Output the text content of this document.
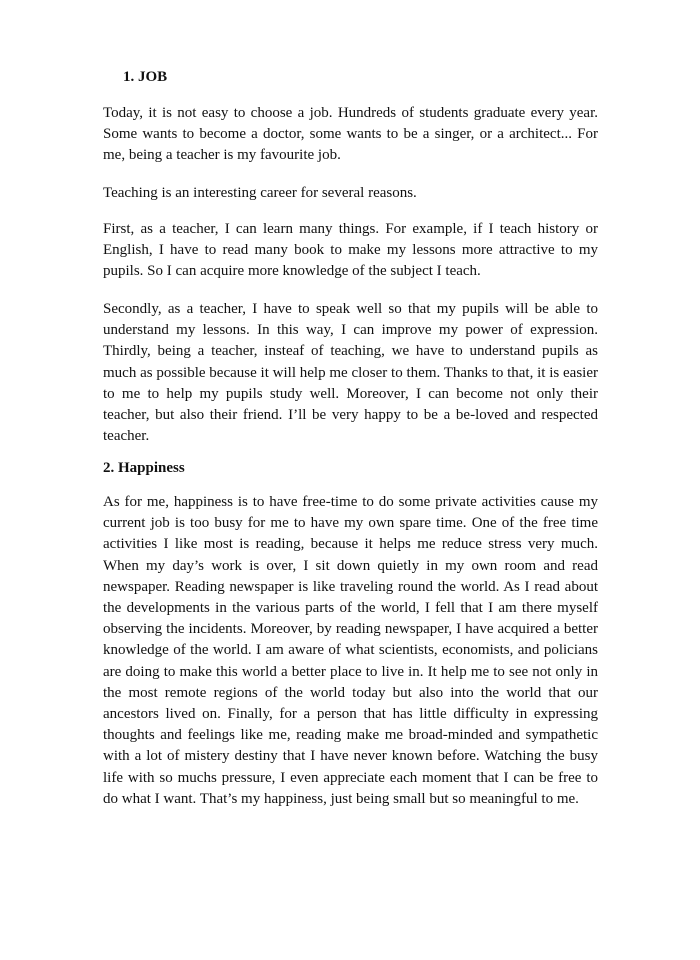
1. JOB

Today, it is not easy to choose a job. Hundreds of students graduate every year. Some wants to become a doctor, some wants to be a singer, or a architect... For me, being a teacher is my favourite job.

Teaching is an interesting career for several reasons.

First, as a teacher, I can learn many things. For example, if I teach history or English, I have to read many book to make my lessons more attractive to my pupils. So I can acquire more knowledge of the subject I teach.

Secondly, as a teacher, I have to speak well so that my pupils will be able to understand my lessons. In this way, I can improve my power of expression. Thirdly, being a teacher, insteaf of teaching, we have to understand pupils as much as possible because it will help me closer to them. Thanks to that, it is easier to me to help my pupils study well. Moreover, I can become not only their teacher, but also their friend. I’ll be very happy to be a be-loved and respected teacher.

2. Happiness

As for me, happiness is to have free-time to do some private activities cause my current job is too busy for me to have my own spare time. One of the free time activities I like most is reading, because it helps me reduce stress very much. When my day’s work is over, I sit down quietly in my own room and read newspaper. Reading newspaper is like traveling round the world. As I read about the developments in the various parts of the world, I fell that I am there myself observing the incidents. Moreover, by reading newspaper, I have acquired a better knowledge of the world. I am aware of what scientists, economists, and policians are doing to make this world a better place to live in. It help me to see not only in the most remote regions of the world today but also into the world that our ancestors lived on. Finally, for a person that has little difficulty in expressing thoughts and feelings like me, reading make me broad-minded and sympathetic with a lot of mistery destiny that I have never known before. Watching the busy life with so muchs pressure, I even appreciate each moment that I can be free to do what I want. That’s my happiness, just being small but so meaningful to me.
